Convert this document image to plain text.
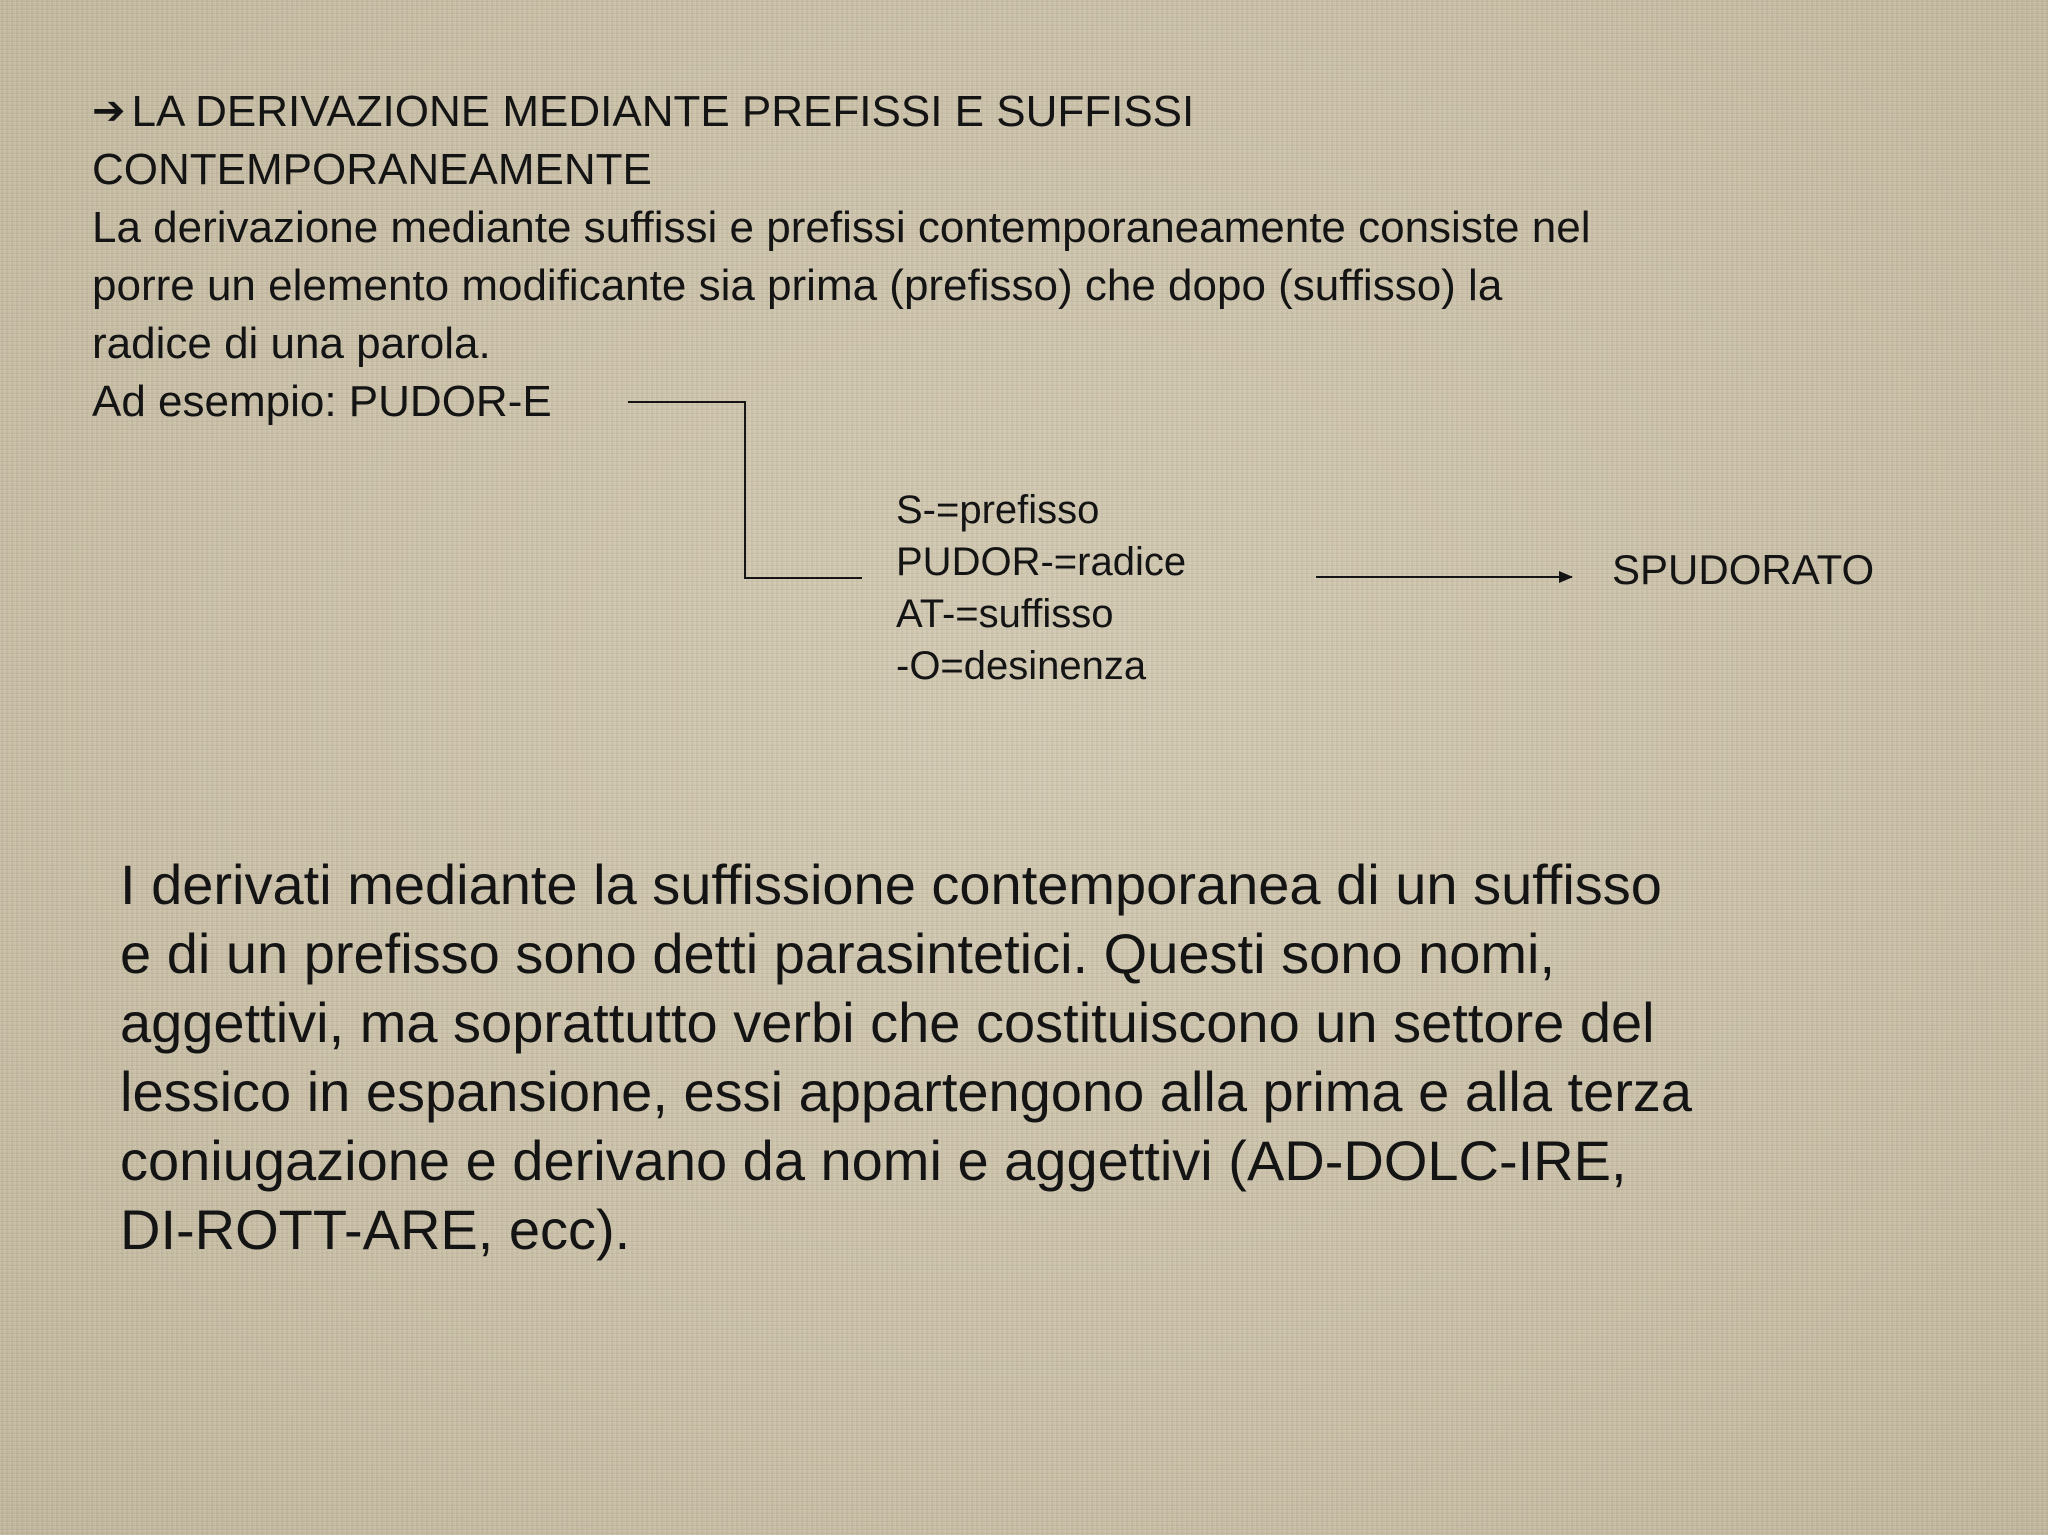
➔ LA DERIVAZIONE MEDIANTE PREFISSI E SUFFISSI
CONTEMPORANEAMENTE
La derivazione mediante suffissi e prefissi contemporaneamente consiste nel
porre un elemento modificante sia prima (prefisso) che dopo (suffisso) la
radice di una parola.
Ad esempio: PUDOR-E
S-=prefisso
PUDOR-=radice
AT-=suffisso
-O=desinenza
SPUDORATO
I derivati mediante la suffissione contemporanea di un suffisso
e di un prefisso sono detti parasintetici. Questi sono nomi,
aggettivi, ma soprattutto verbi che costituiscono un settore del
lessico in espansione, essi appartengono alla prima e alla terza
coniugazione e derivano da nomi e aggettivi (AD-DOLC-IRE,
DI-ROTT-ARE, ecc).
